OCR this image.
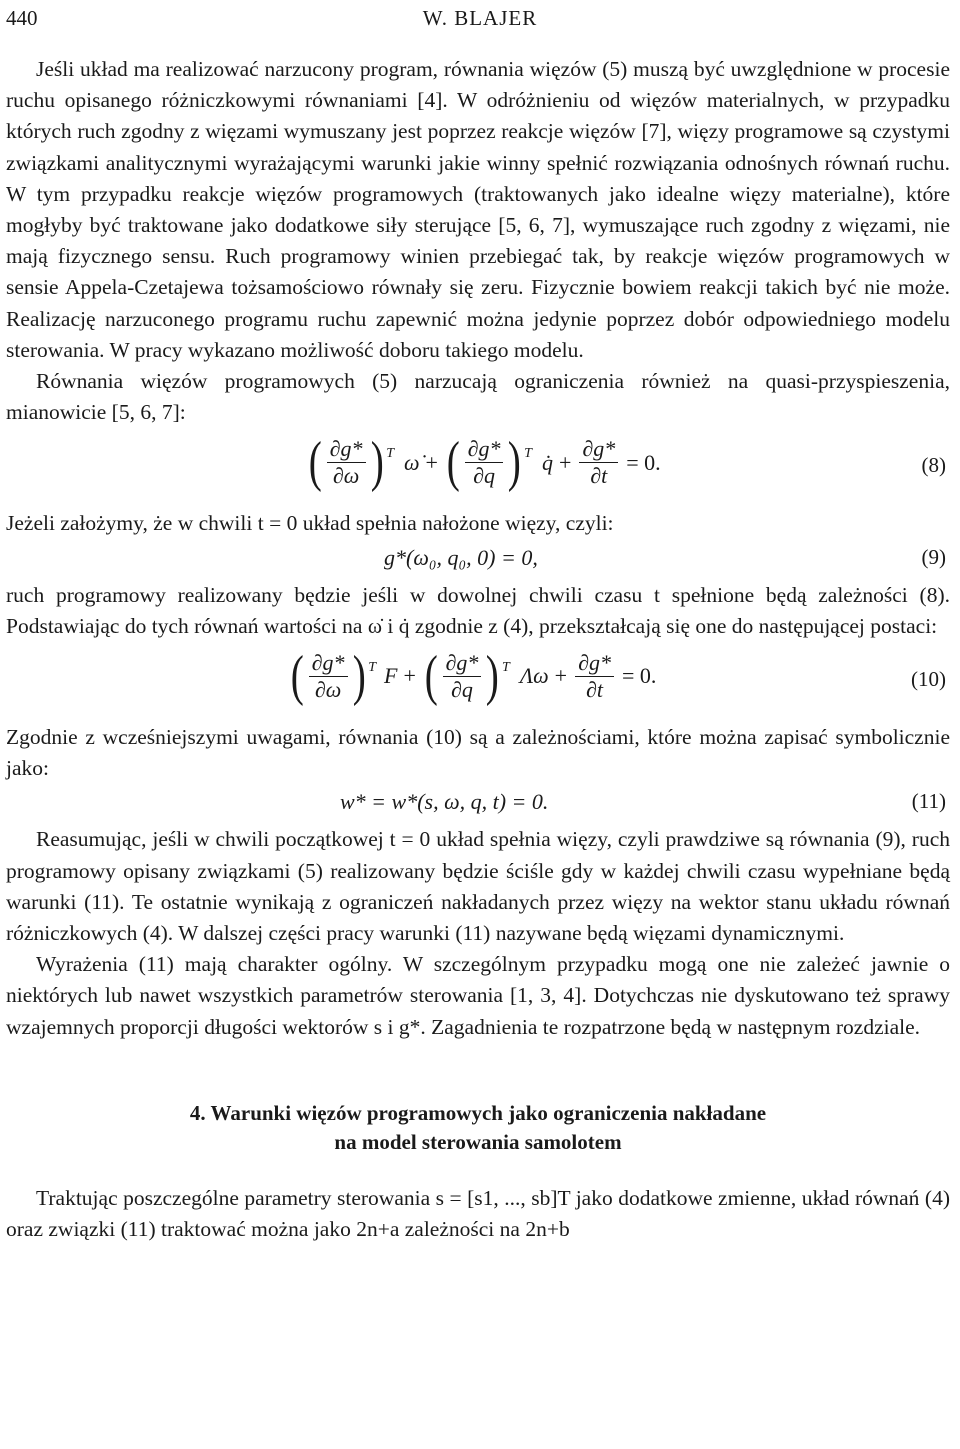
440	W. BLAJER

Jeśli układ ma realizować narzucony program, równania więzów (5) muszą być uwzględnione w procesie ruchu opisanego różniczkowymi równaniami [4]. W odróżnieniu od więzów materialnych, w przypadku których ruch zgodny z więzami wymuszany jest poprzez reakcje więzów [7], więzy programowe są czystymi związkami analitycznymi wyrażającymi warunki jakie winny spełnić rozwiązania odnośnych równań ruchu. W tym przypadku reakcje więzów programowych (traktowanych jako idealne więzy materialne), które mogłyby być traktowane jako dodatkowe siły sterujące [5, 6, 7], wymuszające ruch zgodny z więzami, nie mają fizycznego sensu. Ruch programowy winien przebiegać tak, by reakcje więzów programowych w sensie Appela-Czetajewa tożsamościowo równały się zeru. Fizycznie bowiem reakcji takich być nie może. Realizację narzuconego programu ruchu zapewnić można jedynie poprzez dobór odpowiedniego modelu sterowania. W pracy wykazano możliwość doboru takiego modelu.

Równania więzów programowych (5) narzucają ograniczenia również na quasi-przyspieszenia, mianowicie [5, 6, 7]:

( $\frac{\partial g*}{\partial\omega}$ ) T ω̇ + ( $\frac{\partial g*}{\partial q}$ ) T q̇ + $\frac{\partial g*}{\partial t} = 0$.	(8)

Jeżeli założymy, że w chwili t = 0 układ spełnia nałożone więzy, czyli:

g*(ω₀, q₀, 0) = 0,	(9)

ruch programowy realizowany będzie jeśli w dowolnej chwili czasu t spełnione będą zależności (8). Podstawiając do tych równań wartości na ω̇ i q̇ zgodnie z (4), przekształcają się one do następującej postaci:

( $\frac{\partial g*}{\partial\omega}$ ) T F + ( $\frac{\partial g*}{\partial q}$ ) T $\Lambda\omega + \frac{\partial g*}{\partial t} = 0$.	(10)

Zgodnie z wcześniejszymi uwagami, równania (10) są a zależnościami, które można zapisać symbolicznie jako:

w* = w*(s, ω, q, t) = 0.	(11)

Reasumując, jeśli w chwili początkowej t = 0 układ spełnia więzy, czyli prawdziwe są równania (9), ruch programowy opisany związkami (5) realizowany będzie ściśle gdy w każdej chwili czasu wypełniane będą warunki (11). Te ostatnie wynikają z ograniczeń nakładanych przez więzy na wektor stanu układu równań różniczkowych (4). W dalszej części pracy warunki (11) nazywane będą więzami dynamicznymi.

Wyrażenia (11) mają charakter ogólny. W szczególnym przypadku mogą one nie zależeć jawnie o niektórych lub nawet wszystkich parametrów sterowania [1, 3, 4]. Dotychczas nie dyskutowano też sprawy wzajemnych proporcji długości wektorów s i g*. Zagadnienia te rozpatrzone będą w następnym rozdziale.

4. Warunki więzów programowych jako ograniczenia nakładane
na model sterowania samolotem

Traktując poszczególne parametry sterowania s = [s1, ..., sb]T jako dodatkowe zmienne, układ równań (4) oraz związki (11) traktować można jako 2n+a zależności na 2n+b
